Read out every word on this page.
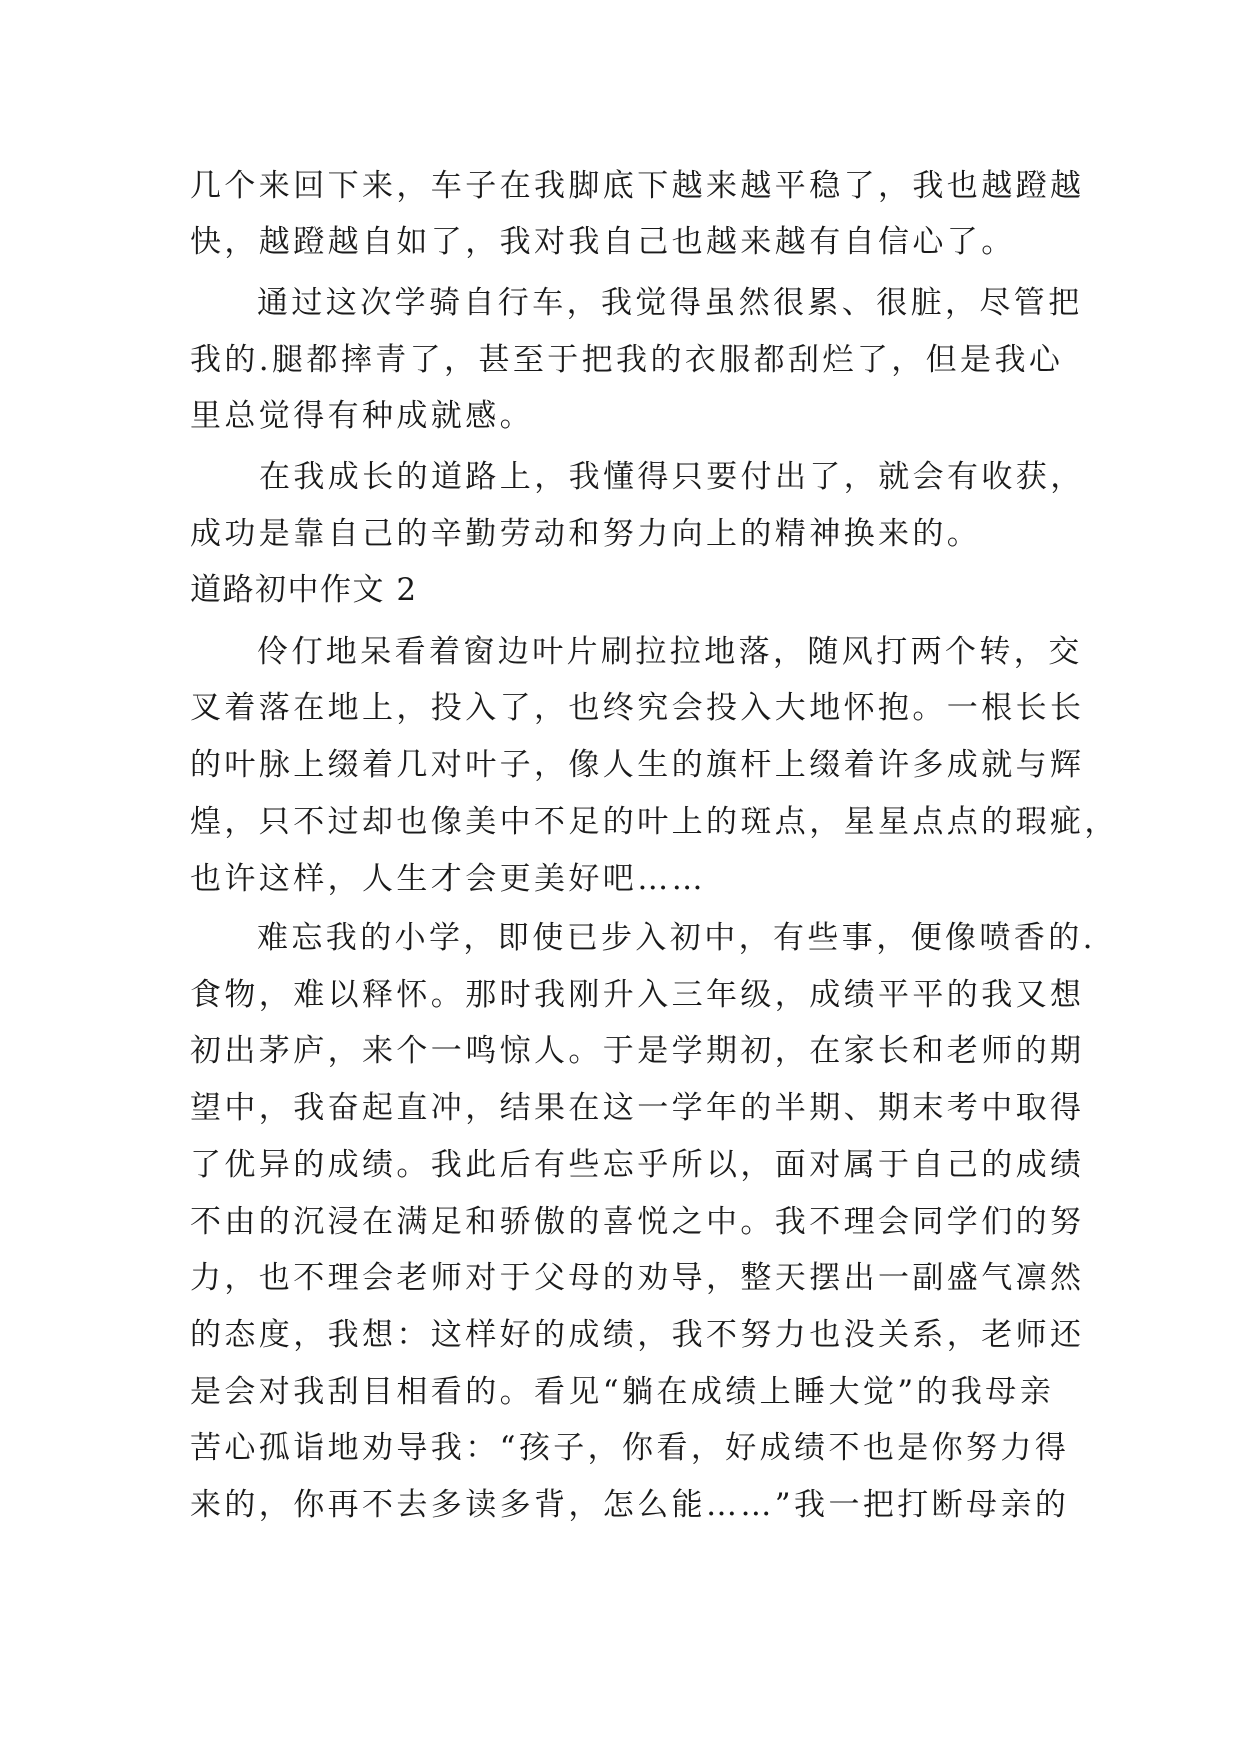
几个来回下来，车子在我脚底下越来越平稳了，我也越蹬越
快，越蹬越自如了，我对我自己也越来越有自信心了。
通过这次学骑自行车，我觉得虽然很累、很脏，尽管把
我的.腿都摔青了，甚至于把我的衣服都刮烂了，但是我心
里总觉得有种成就感。
在我成长的道路上，我懂得只要付出了，就会有收获，
成功是靠自己的辛勤劳动和努力向上的精神换来的。
道路初中作文 2
伶仃地呆看着窗边叶片刷拉拉地落，随风打两个转，交
叉着落在地上，投入了，也终究会投入大地怀抱。一根长长
的叶脉上缀着几对叶子，像人生的旗杆上缀着许多成就与辉
煌，只不过却也像美中不足的叶上的斑点，星星点点的瑕疵，
也许这样，人生才会更美好吧……
难忘我的小学，即使已步入初中，有些事，便像喷香的.
食物，难以释怀。那时我刚升入三年级，成绩平平的我又想
初出茅庐，来个一鸣惊人。于是学期初，在家长和老师的期
望中，我奋起直冲，结果在这一学年的半期、期末考中取得
了优异的成绩。我此后有些忘乎所以，面对属于自己的成绩
不由的沉浸在满足和骄傲的喜悦之中。我不理会同学们的努
力，也不理会老师对于父母的劝导，整天摆出一副盛气凛然
的态度，我想：这样好的成绩，我不努力也没关系，老师还
是会对我刮目相看的。看见“躺在成绩上睡大觉”的我母亲
苦心孤诣地劝导我：“孩子，你看，好成绩不也是你努力得
来的，你再不去多读多背，怎么能……”我一把打断母亲的
